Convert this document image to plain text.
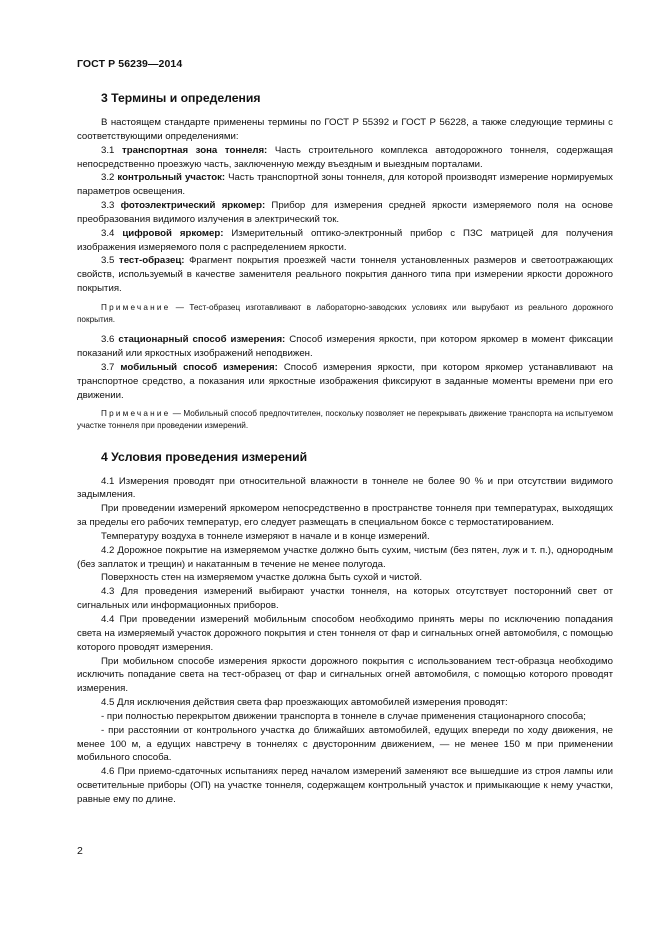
ГОСТ Р 56239—2014
3 Термины и определения

В настоящем стандарте применены термины по ГОСТ Р 55392 и ГОСТ Р 56228, а также следующие термины с соответствующими определениями:

3.1 транспортная зона тоннеля: Часть строительного комплекса автодорожного тоннеля, содержащая непосредственно проезжую часть, заключенную между въездным и выездным порталами.

3.2 контрольный участок: Часть транспортной зоны тоннеля, для которой производят измерение нормируемых параметров освещения.

3.3 фотоэлектрический яркомер: Прибор для измерения средней яркости измеряемого поля на основе преобразования видимого излучения в электрический ток.

3.4 цифровой яркомер: Измерительный оптико-электронный прибор с ПЗС матрицей для получения изображения измеряемого поля с распределением яркости.

3.5 тест-образец: Фрагмент покрытия проезжей части тоннеля установленных размеров и светоотражающих свойств, используемый в качестве заменителя реального покрытия данного типа при измерении яркости дорожного покрытия.

Примечание — Тест-образец изготавливают в лабораторно-заводских условиях или вырубают из реального дорожного покрытия.

3.6 стационарный способ измерения: Способ измерения яркости, при котором яркомер в момент фиксации показаний или яркостных изображений неподвижен.

3.7 мобильный способ измерения: Способ измерения яркости, при котором яркомер устанавливают на транспортное средство, а показания или яркостные изображения фиксируют в заданные моменты времени при его движении.

Примечание — Мобильный способ предпочтителен, поскольку позволяет не перекрывать движение транспорта на испытуемом участке тоннеля при проведении измерений.

4 Условия проведения измерений

4.1 Измерения проводят при относительной влажности в тоннеле не более 90 % и при отсутствии видимого задымления.

При проведении измерений яркомером непосредственно в пространстве тоннеля при температурах, выходящих за пределы его рабочих температур, его следует размещать в специальном боксе с термостатированием.

Температуру воздуха в тоннеле измеряют в начале и в конце измерений.

4.2 Дорожное покрытие на измеряемом участке должно быть сухим, чистым (без пятен, луж и т. п.), однородным (без заплаток и трещин) и накатанным в течение не менее полугода.

Поверхность стен на измеряемом участке должна быть сухой и чистой.

4.3 Для проведения измерений выбирают участки тоннеля, на которых отсутствует посторонний свет от сигнальных или информационных приборов.

4.4 При проведении измерений мобильным способом необходимо принять меры по исключению попадания света на измеряемый участок дорожного покрытия и стен тоннеля от фар и сигнальных огней автомобиля, с помощью которого проводят измерения.

При мобильном способе измерения яркости дорожного покрытия с использованием тест-образца необходимо исключить попадание света на тест-образец от фар и сигнальных огней автомобиля, с помощью которого проводят измерения.

4.5 Для исключения действия света фар проезжающих автомобилей измерения проводят:

- при полностью перекрытом движении транспорта в тоннеле в случае применения стационарного способа;

- при расстоянии от контрольного участка до ближайших автомобилей, едущих впереди по ходу движения, не менее 100 м, а едущих навстречу в тоннелях с двусторонним движением, — не менее 150 м при применении мобильного способа.

4.6 При приемо-сдаточных испытаниях перед началом измерений заменяют все вышедшие из строя лампы или осветительные приборы (ОП) на участке тоннеля, содержащем контрольный участок и примыкающие к нему участки, равные ему по длине.

2
